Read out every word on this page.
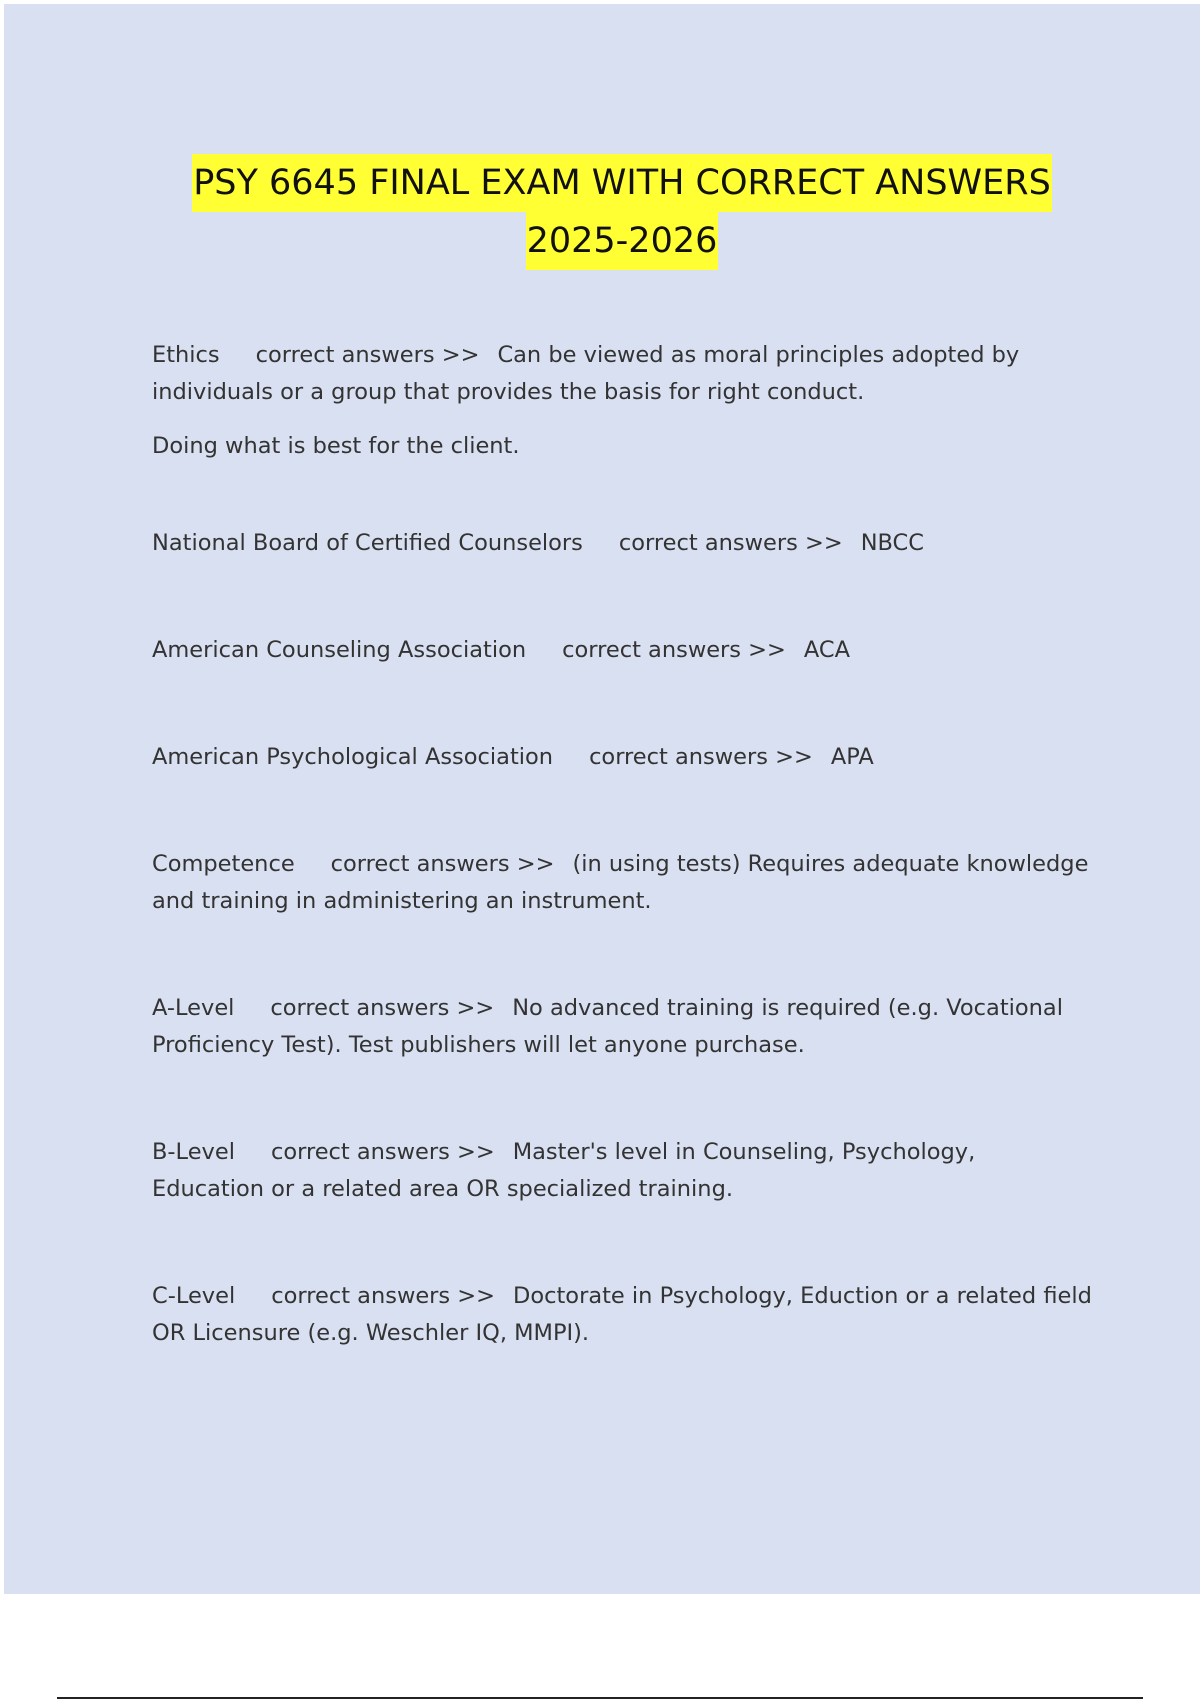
PSY 6645 FINAL EXAM WITH CORRECT ANSWERS
2025-2026

Ethics correct answers >> Can be viewed as moral principles adopted by individuals or a group that provides the basis for right conduct.

Doing what is best for the client.

National Board of Certified Counselors correct answers >> NBCC

American Counseling Association correct answers >> ACA

American Psychological Association correct answers >> APA

Competence correct answers >> (in using tests) Requires adequate knowledge and training in administering an instrument.

A-Level correct answers >> No advanced training is required (e.g. Vocational Proficiency Test). Test publishers will let anyone purchase.

B-Level correct answers >> Master's level in Counseling, Psychology, Education or a related area OR specialized training.

C-Level correct answers >> Doctorate in Psychology, Eduction or a related field OR Licensure (e.g. Weschler IQ, MMPI).
